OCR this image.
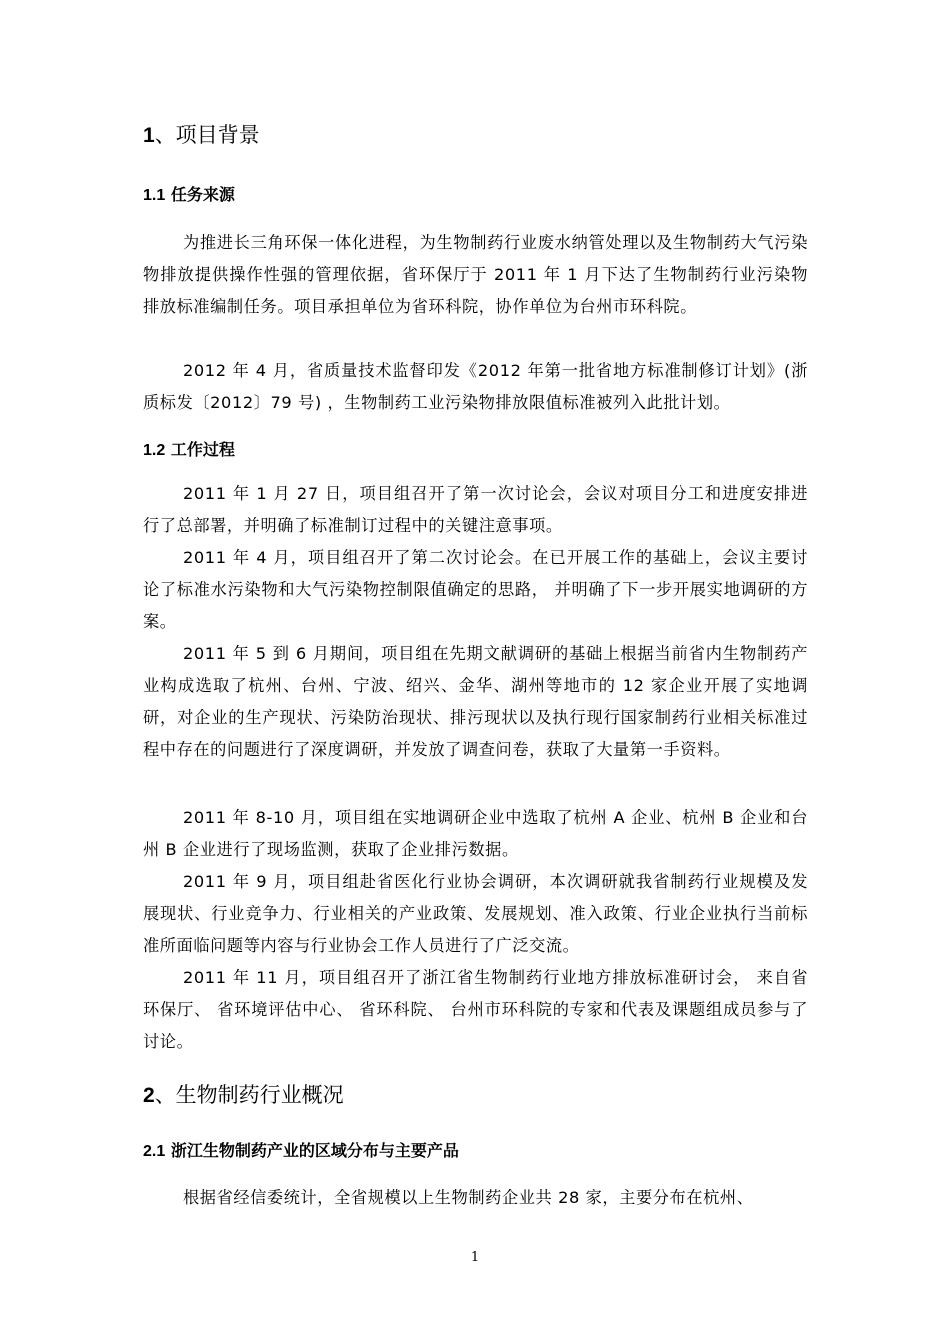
1、项目背景
1.1 任务来源

为推进长三角环保一体化进程，为生物制药行业废水纳管处理以及生物制药大气污染物排放提供操作性强的管理依据，省环保厅于 2011 年 1 月下达了生物制药行业污染物排放标准编制任务。项目承担单位为省环科院，协作单位为台州市环科院。

2012 年 4 月，省质量技术监督印发《2012 年第一批省地方标准制修订计划》(浙质标发〔2012〕79 号) ，生物制药工业污染物排放限值标准被列入此批计划。

1.2 工作过程

2011 年 1 月 27 日，项目组召开了第一次讨论会，会议对项目分工和进度安排进行了总部署，并明确了标准制订过程中的关键注意事项。

2011 年 4 月，项目组召开了第二次讨论会。在已开展工作的基础上，会议主要讨论了标准水污染物和大气污染物控制限值确定的思路， 并明确了下一步开展实地调研的方案。

2011 年 5 到 6 月期间，项目组在先期文献调研的基础上根据当前省内生物制药产业构成选取了杭州、台州、宁波、绍兴、金华、湖州等地市的 12 家企业开展了实地调研，对企业的生产现状、污染防治现状、排污现状以及执行现行国家制药行业相关标准过程中存在的问题进行了深度调研，并发放了调查问卷，获取了大量第一手资料。

2011 年 8-10 月，项目组在实地调研企业中选取了杭州 A 企业、杭州 B 企业和台州 B 企业进行了现场监测，获取了企业排污数据。

2011 年 9 月，项目组赴省医化行业协会调研，本次调研就我省制药行业规模及发展现状、行业竞争力、行业相关的产业政策、发展规划、准入政策、行业企业执行当前标准所面临问题等内容与行业协会工作人员进行了广泛交流。

2011 年 11 月，项目组召开了浙江省生物制药行业地方排放标准研讨会， 来自省环保厅、 省环境评估中心、 省环科院、 台州市环科院的专家和代表及课题组成员参与了讨论。

2、生物制药行业概况
2.1 浙江生物制药产业的区域分布与主要产品

根据省经信委统计，全省规模以上生物制药企业共 28 家，主要分布在杭州、

1
